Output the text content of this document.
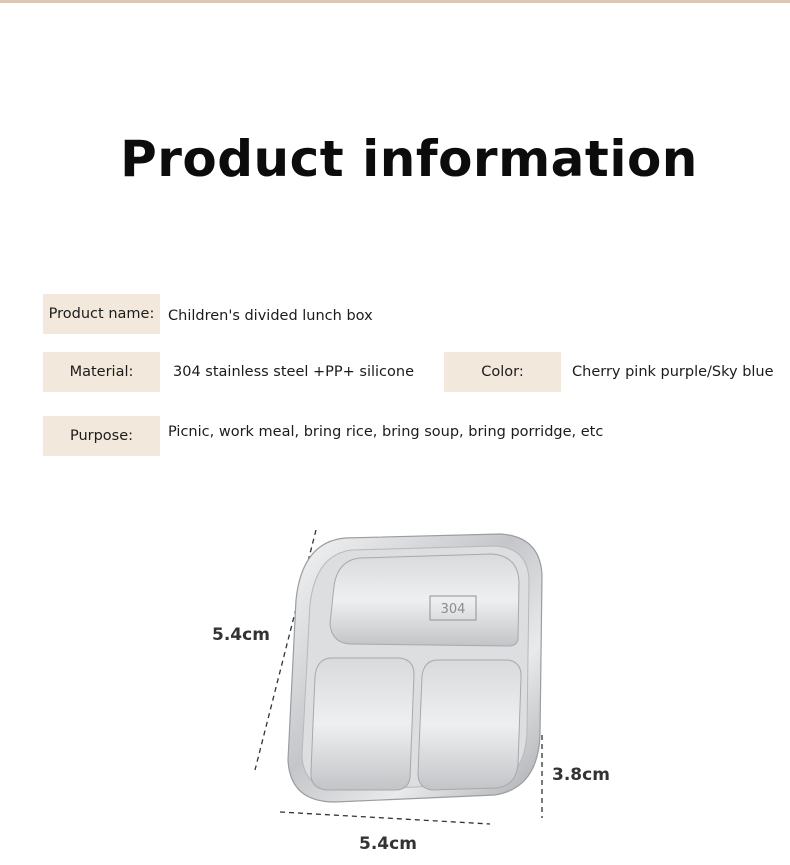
Product information
Product name: Children's divided lunch box
Material:	304 stainless steel +PP+ silicone	Color:	Cherry pink purple/Sky blue
Purpose:	Picnic, work meal, bring rice, bring soup, bring porridge, etc
304
5.4cm
5.4cm
3.8cm
